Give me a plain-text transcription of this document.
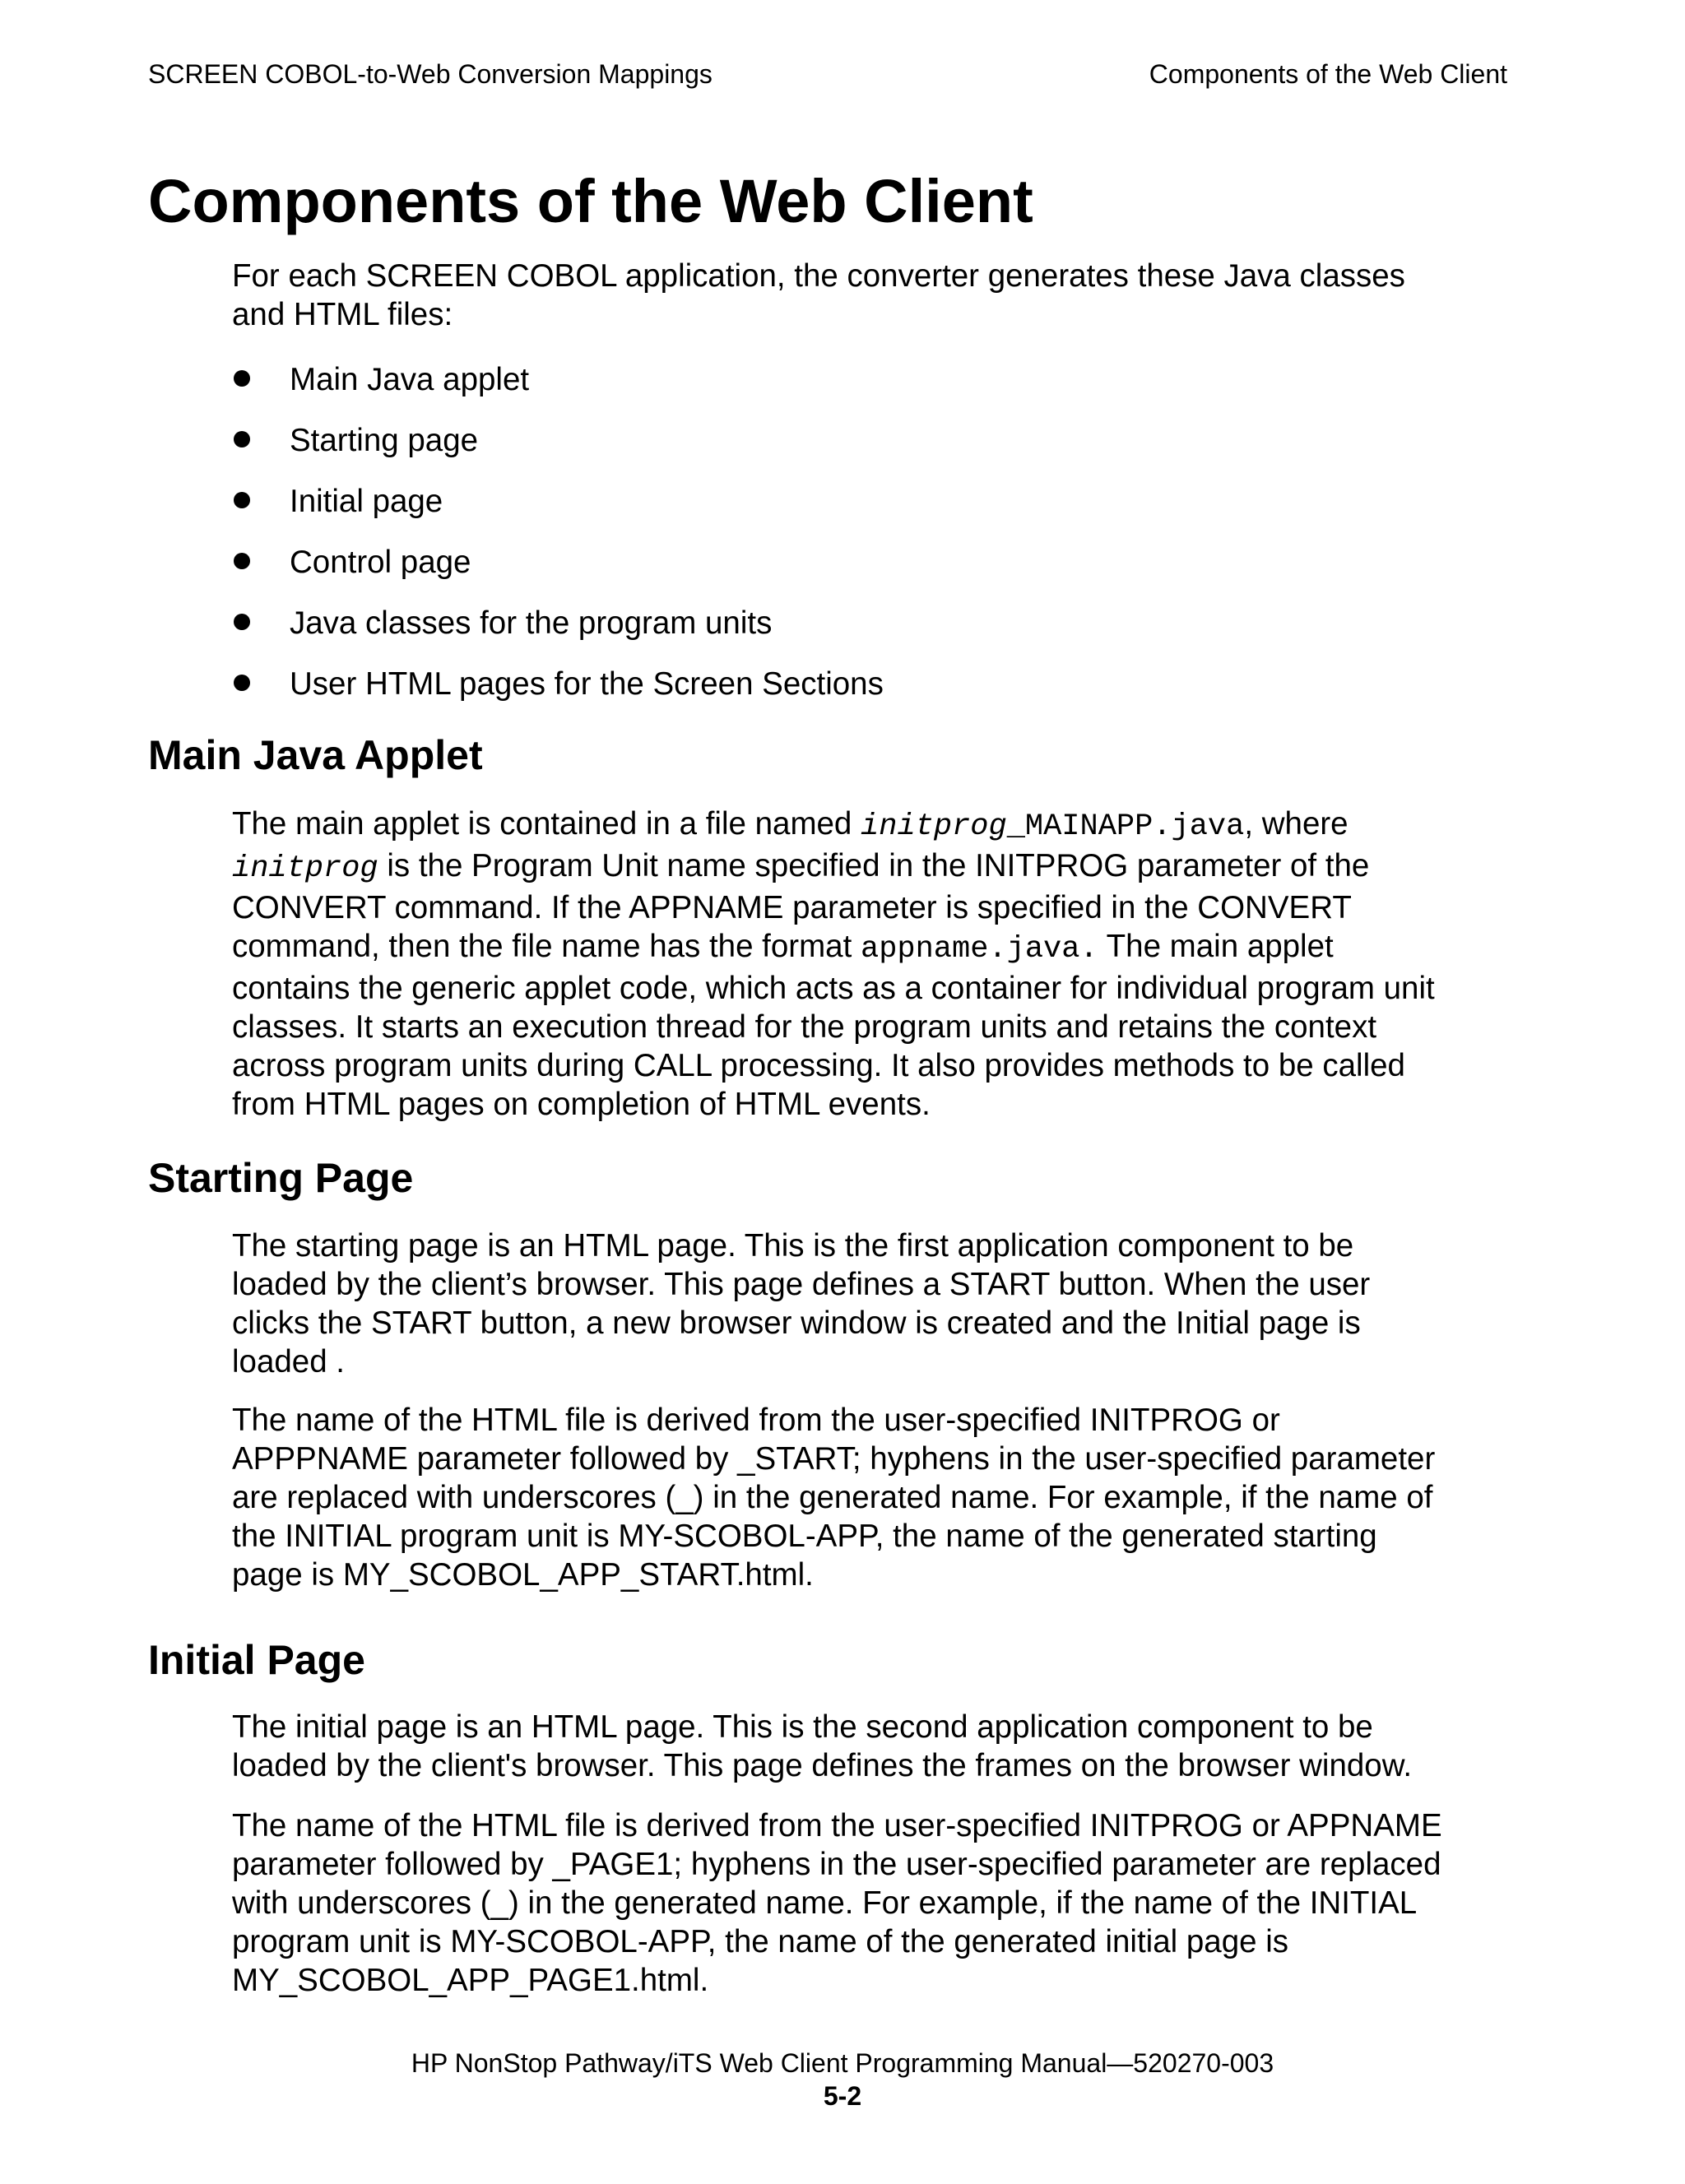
SCREEN COBOL-to-Web Conversion Mappings	Components of the Web Client
Components of the Web Client

For each SCREEN COBOL application, the converter generates these Java classes
and HTML files:

Main Java applet
Starting page
Initial page
Control page
Java classes for the program units
User HTML pages for the Screen Sections
Main Java Applet

The main applet is contained in a file named initprog_MAINAPP.java, where
initprog is the Program Unit name specified in the INITPROG parameter of the
CONVERT command. If the APPNAME parameter is specified in the CONVERT
command, then the file name has the format appname.java. The main applet
contains the generic applet code, which acts as a container for individual program unit
classes. It starts an execution thread for the program units and retains the context
across program units during CALL processing. It also provides methods to be called
from HTML pages on completion of HTML events.

Starting Page

The starting page is an HTML page. This is the first application component to be
loaded by the client’s browser. This page defines a START button. When the user
clicks the START button, a new browser window is created and the Initial page is
loaded .

The name of the HTML file is derived from the user-specified INITPROG or
APPPNAME parameter followed by _START; hyphens in the user-specified parameter
are replaced with underscores (_) in the generated name. For example, if the name of
the INITIAL program unit is MY-SCOBOL-APP, the name of the generated starting
page is MY_SCOBOL_APP_START.html.

Initial Page

The initial page is an HTML page. This is the second application component to be
loaded by the client's browser. This page defines the frames on the browser window.

The name of the HTML file is derived from the user-specified INITPROG or APPNAME
parameter followed by _PAGE1; hyphens in the user-specified parameter are replaced
with underscores (_) in the generated name. For example, if the name of the INITIAL
program unit is MY-SCOBOL-APP, the name of the generated initial page is
MY_SCOBOL_APP_PAGE1.html.

HP NonStop Pathway/iTS Web Client Programming Manual—520270-003
5-2
